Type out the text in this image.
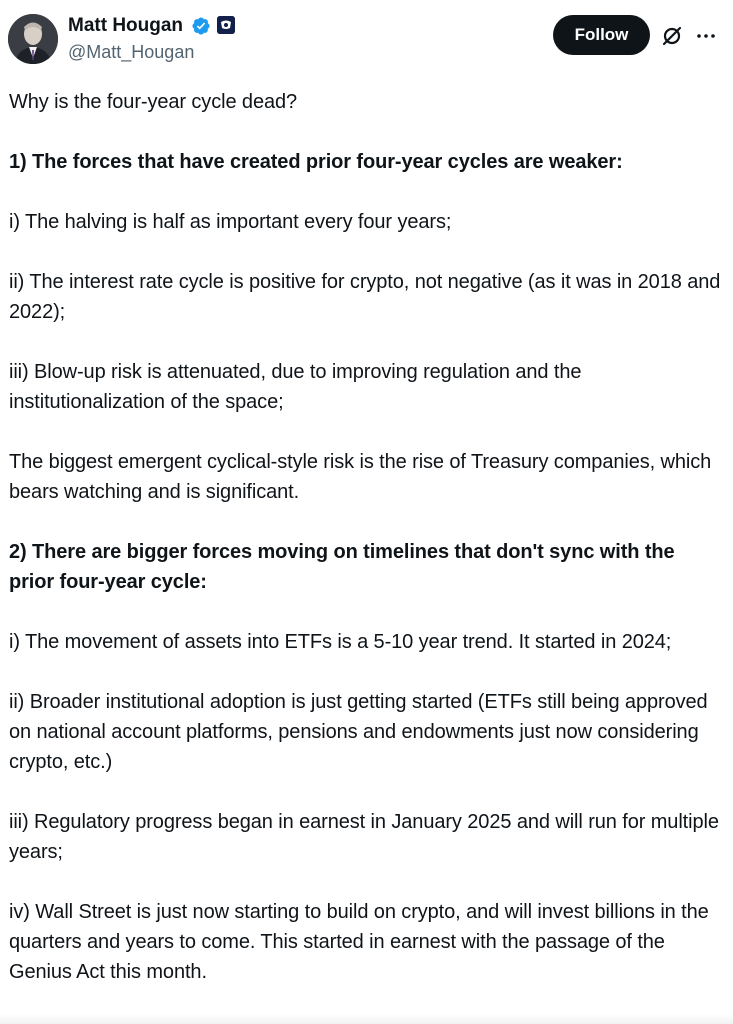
Matt Hougan
@Matt_Hougan
Follow

Why is the four-year cycle dead?

1) The forces that have created prior four-year cycles are weaker:

i) The halving is half as important every four years;

ii) The interest rate cycle is positive for crypto, not negative (as it was in 2018 and 2022);

iii) Blow-up risk is attenuated, due to improving regulation and the institutionalization of the space;

The biggest emergent cyclical-style risk is the rise of Treasury companies, which bears watching and is significant.

2) There are bigger forces moving on timelines that don't sync with the prior four-year cycle:

i) The movement of assets into ETFs is a 5-10 year trend. It started in 2024;

ii) Broader institutional adoption is just getting started (ETFs still being approved on national account platforms, pensions and endowments just now considering crypto, etc.)

iii) Regulatory progress began in earnest in January 2025 and will run for multiple years;

iv) Wall Street is just now starting to build on crypto, and will invest billions in the quarters and years to come. This started in earnest with the passage of the Genius Act this month.
